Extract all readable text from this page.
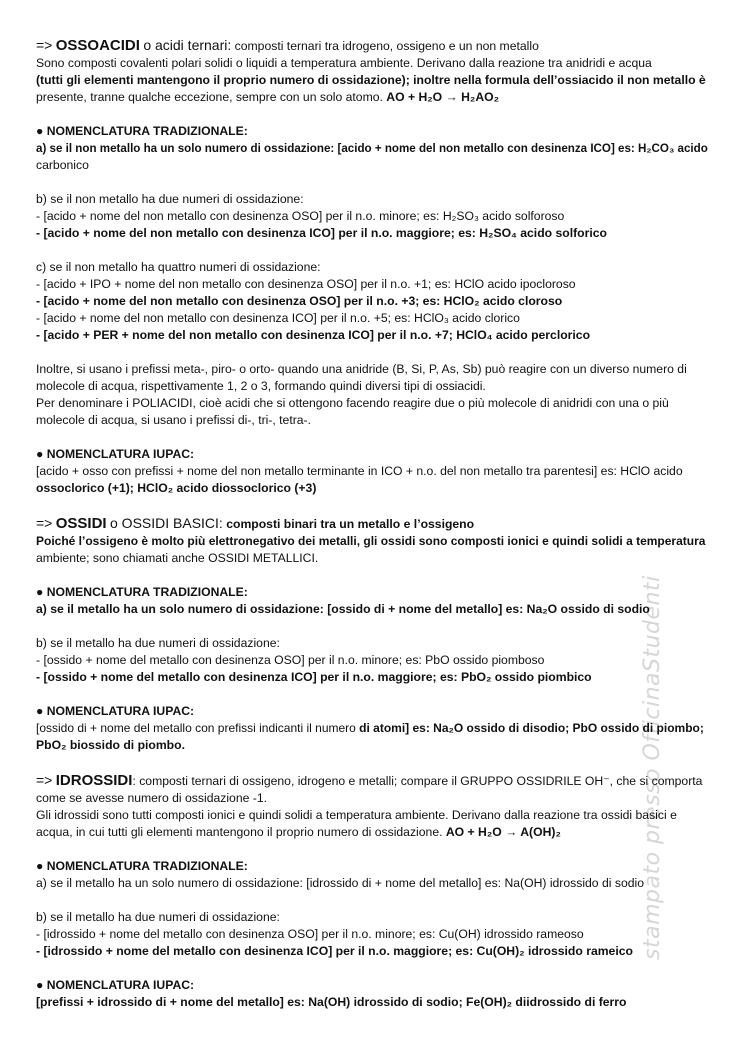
stampato presso OfficinaStudenti

=> OSSOACIDI o acidi ternari: composti ternari tra idrogeno, ossigeno e un non metallo

Sono composti covalenti polari solidi o liquidi a temperatura ambiente. Derivano dalla reazione tra anidridi e acqua

(tutti gli elementi mantengono il proprio numero di ossidazione); inoltre nella formula dell’ossiacido il non metallo è

presente, tranne qualche eccezione, sempre con un solo atomo. AO + H₂O → H₂AO₂

● NOMENCLATURA TRADIZIONALE:

a) se il non metallo ha un solo numero di ossidazione: [acido + nome del non metallo con desinenza ICO] es: H₂CO₃ acido

carbonico

b) se il non metallo ha due numeri di ossidazione:

- [acido + nome del non metallo con desinenza OSO] per il n.o. minore; es: H₂SO₃ acido solforoso

- [acido + nome del non metallo con desinenza ICO] per il n.o. maggiore; es: H₂SO₄ acido solforico

c) se il non metallo ha quattro numeri di ossidazione:

- [acido + IPO + nome del non metallo con desinenza OSO] per il n.o. +1; es: HClO acido ipocloroso

- [acido + nome del non metallo con desinenza OSO] per il n.o. +3; es: HClO₂ acido cloroso

- [acido + nome del non metallo con desinenza ICO] per il n.o. +5; es: HClO₃ acido clorico

- [acido + PER + nome del non metallo con desinenza ICO] per il n.o. +7; HClO₄ acido perclorico

Inoltre, si usano i prefissi meta-, piro- o orto- quando una anidride (B, Si, P, As, Sb) può reagire con un diverso numero di

molecole di acqua, rispettivamente 1, 2 o 3, formando quindi diversi tipi di ossiacidi.

Per denominare i POLIACIDI, cioè acidi che si ottengono facendo reagire due o più molecole di anidridi con una o più

molecole di acqua, si usano i prefissi di-, tri-, tetra-.

● NOMENCLATURA IUPAC:

[acido + osso con prefissi + nome del non metallo terminante in ICO + n.o. del non metallo tra parentesi] es: HClO acido

ossoclorico (+1); HClO₂ acido diossoclorico (+3)

=> OSSIDI o OSSIDI BASICI: composti binari tra un metallo e l’ossigeno

Poiché l’ossigeno è molto più elettronegativo dei metalli, gli ossidi sono composti ionici e quindi solidi a temperatura

ambiente; sono chiamati anche OSSIDI METALLICI.

● NOMENCLATURA TRADIZIONALE:

a) se il metallo ha un solo numero di ossidazione: [ossido di + nome del metallo] es: Na₂O ossido di sodio

b) se il metallo ha due numeri di ossidazione:

- [ossido + nome del metallo con desinenza OSO] per il n.o. minore; es: PbO ossido piomboso

- [ossido + nome del metallo con desinenza ICO] per il n.o. maggiore; es: PbO₂ ossido piombico

● NOMENCLATURA IUPAC:

[ossido di + nome del metallo con prefissi indicanti il numero di atomi] es: Na₂O ossido di disodio; PbO ossido di piombo;

PbO₂ biossido di piombo.

=> IDROSSIDI: composti ternari di ossigeno, idrogeno e metalli; compare il GRUPPO OSSIDRILE OH⁻, che si comporta

come se avesse numero di ossidazione -1.

Gli idrossidi sono tutti composti ionici e quindi solidi a temperatura ambiente. Derivano dalla reazione tra ossidi basici e

acqua, in cui tutti gli elementi mantengono il proprio numero di ossidazione. AO + H₂O → A(OH)₂

● NOMENCLATURA TRADIZIONALE:

a) se il metallo ha un solo numero di ossidazione: [idrossido di + nome del metallo] es: Na(OH) idrossido di sodio

b) se il metallo ha due numeri di ossidazione:

- [idrossido + nome del metallo con desinenza OSO] per il n.o. minore; es: Cu(OH) idrossido rameoso

- [idrossido + nome del metallo con desinenza ICO] per il n.o. maggiore; es: Cu(OH)₂ idrossido rameico

● NOMENCLATURA IUPAC:

[prefissi + idrossido di + nome del metallo] es: Na(OH) idrossido di sodio; Fe(OH)₂ diidrossido di ferro
